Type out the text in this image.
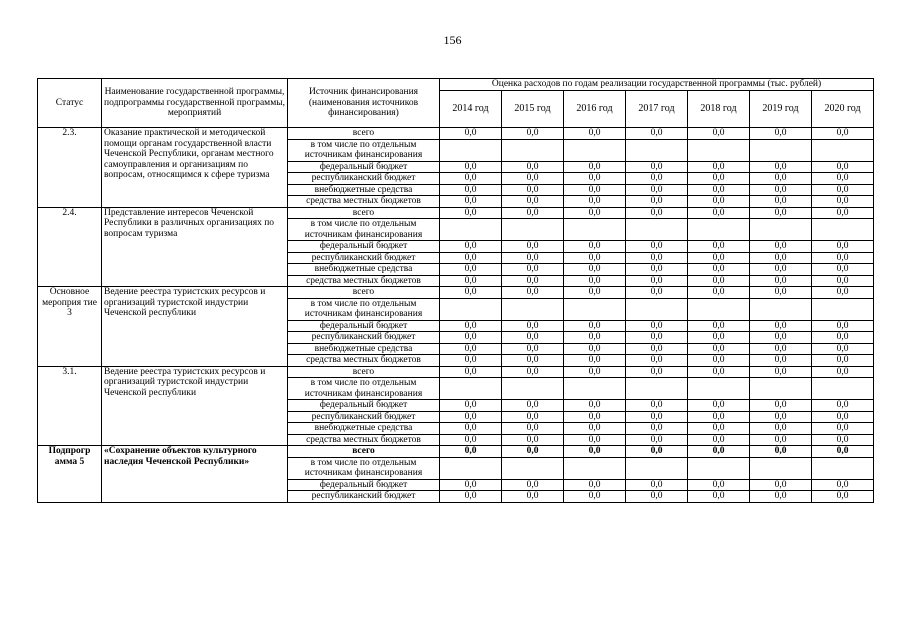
156
Статус	Наименование государственной программы, подпрограммы государственной программы, мероприятий	Источник финансирования (наименования источников финансирования)	Оценка расходов по годам реализации государственной программы (тыс. рублей)						
			2014 год	2015 год	2016 год	2017 год	2018 год	2019 год	2020 год
2.3.	Оказание практической и методической помощи органам государственной власти Чеченской Республики, органам местного самоуправления и организациям по вопросам, относящимся к сфере туризма	всего	0,0	0,0	0,0	0,0	0,0	0,0	0,0
		в том числе по отдельным источникам финансирования							
		федеральный бюджет	0,0	0,0	0,0	0,0	0,0	0,0	0,0
		республиканский бюджет	0,0	0,0	0,0	0,0	0,0	0,0	0,0
		внебюджетные средства	0,0	0,0	0,0	0,0	0,0	0,0	0,0
		средства местных бюджетов	0,0	0,0	0,0	0,0	0,0	0,0	0,0
2.4.	Представление интересов Чеченской Республики в различных организациях по вопросам туризма	всего	0,0	0,0	0,0	0,0	0,0	0,0	0,0
		в том числе по отдельным источникам финансирования							
		федеральный бюджет	0,0	0,0	0,0	0,0	0,0	0,0	0,0
		республиканский бюджет	0,0	0,0	0,0	0,0	0,0	0,0	0,0
		внебюджетные средства	0,0	0,0	0,0	0,0	0,0	0,0	0,0
		средства местных бюджетов	0,0	0,0	0,0	0,0	0,0	0,0	0,0
Основное мероприя тие 3	Ведение реестра туристских ресурсов и организаций туристской индустрии Чеченской республики	всего	0,0	0,0	0,0	0,0	0,0	0,0	0,0
		в том числе по отдельным источникам финансирования							
		федеральный бюджет	0,0	0,0	0,0	0,0	0,0	0,0	0,0
		республиканский бюджет	0,0	0,0	0,0	0,0	0,0	0,0	0,0
		внебюджетные средства	0,0	0,0	0,0	0,0	0,0	0,0	0,0
		средства местных бюджетов	0,0	0,0	0,0	0,0	0,0	0,0	0,0
3.1.	Ведение реестра туристских ресурсов и организаций туристской индустрии Чеченской республики	всего	0,0	0,0	0,0	0,0	0,0	0,0	0,0
		в том числе по отдельным источникам финансирования							
		федеральный бюджет	0,0	0,0	0,0	0,0	0,0	0,0	0,0
		республиканский бюджет	0,0	0,0	0,0	0,0	0,0	0,0	0,0
		внебюджетные средства	0,0	0,0	0,0	0,0	0,0	0,0	0,0
		средства местных бюджетов	0,0	0,0	0,0	0,0	0,0	0,0	0,0
Подпрогр амма 5	«Сохранение объектов культурного наследия Чеченской Республики»	всего	0,0	0,0	0,0	0,0	0,0	0,0	0,0
		в том числе по отдельным источникам финансирования							
		федеральный бюджет	0,0	0,0	0,0	0,0	0,0	0,0	0,0
		республиканский бюджет	0,0	0,0	0,0	0,0	0,0	0,0	0,0
